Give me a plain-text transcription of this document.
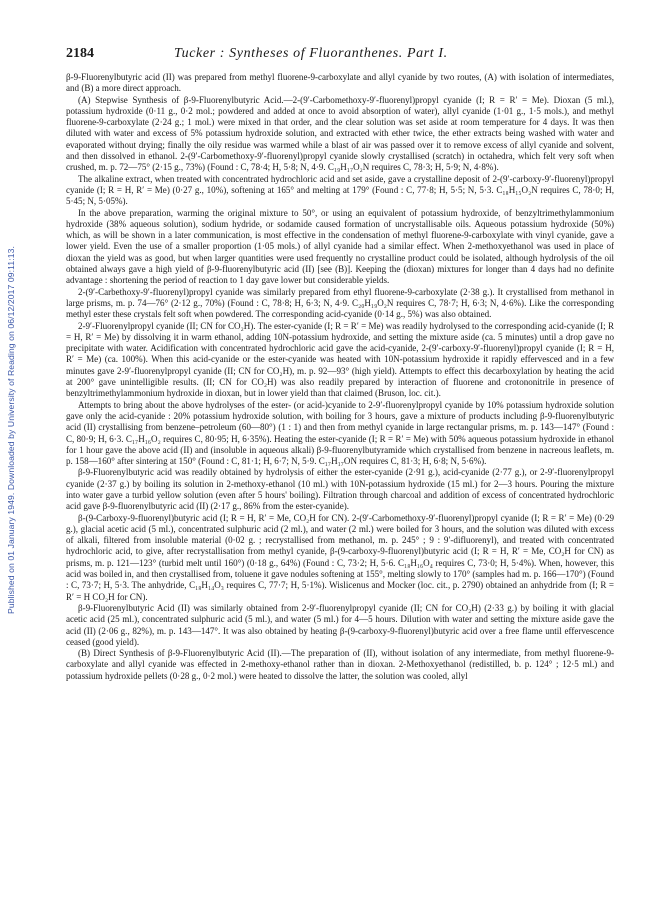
Published on 01 January 1949. Downloaded by University of Reading on 06/12/2017 09:11:13.
2184	Tucker : Syntheses of Fluoranthenes. Part I.

β-9-Fluorenylbutyric acid (II) was prepared from methyl fluorene-9-carboxylate and allyl cyanide by two routes, (A) with isolation of intermediates, and (B) a more direct approach.

(A) Stepwise Synthesis of β-9-Fluorenylbutyric Acid.—2-(9′-Carbomethoxy-9′-fluorenyl)propyl cyanide (I; R = R′ = Me). Dioxan (5 ml.), potassium hydroxide (0·11 g., 0·2 mol.; powdered and added at once to avoid absorption of water), allyl cyanide (1·01 g., 1·5 mols.), and methyl fluorene-9-carboxylate (2·24 g.; 1 mol.) were mixed in that order, and the clear solution was set aside at room temperature for 4 days. It was then diluted with water and excess of 5% potassium hydroxide solution, and extracted with ether twice, the ether extracts being washed with water and evaporated without drying; finally the oily residue was warmed while a blast of air was passed over it to remove excess of allyl cyanide and solvent, and then dissolved in ethanol. 2-(9′-Carbomethoxy-9′-fluorenyl)propyl cyanide slowly crystallised (scratch) in octahedra, which felt very soft when crushed, m. p. 72—75° (2·15 g., 73%) (Found : C, 78·4; H, 5·8; N, 4·9. C₁₉H₁₇O₂N requires C, 78·3; H, 5·9; N, 4·8%).

The alkaline extract, when treated with concentrated hydrochloric acid and set aside, gave a crystalline deposit of 2-(9′-carboxy-9′-fluorenyl)propyl cyanide (I; R = H, R′ = Me) (0·27 g., 10%), softening at 165° and melting at 179° (Found : C, 77·8; H, 5·5; N, 5·3. C₁₈H₁₅O₂N requires C, 78·0; H, 5·45; N, 5·05%).

In the above preparation, warming the original mixture to 50°, or using an equivalent of potassium hydroxide, of benzyltrimethylammonium hydroxide (38% aqueous solution), sodium hydride, or sodamide caused formation of uncrystallisable oils. Aqueous potassium hydroxide (50%) which, as will be shown in a later communication, is most effective in the condensation of methyl fluorene-9-carboxylate with vinyl cyanide, gave a lower yield. Even the use of a smaller proportion (1·05 mols.) of allyl cyanide had a similar effect. When 2-methoxyethanol was used in place of dioxan the yield was as good, but when larger quantities were used frequently no crystalline product could be isolated, although hydrolysis of the oil obtained always gave a high yield of β-9-fluorenylbutyric acid (II) [see (B)]. Keeping the (dioxan) mixtures for longer than 4 days had no definite advantage : shortening the period of reaction to 1 day gave lower but considerable yields.

2-(9′-Carbethoxy-9′-fluorenyl)propyl cyanide was similarly prepared from ethyl fluorene-9-carboxylate (2·38 g.). It crystallised from methanol in large prisms, m. p. 74—76° (2·12 g., 70%) (Found : C, 78·8; H, 6·3; N, 4·9. C₂₀H₁₉O₂N requires C, 78·7; H, 6·3; N, 4·6%). Like the corresponding methyl ester these crystals felt soft when powdered. The corresponding acid-cyanide (0·14 g., 5%) was also obtained.

2-9′-Fluorenylpropyl cyanide (II; CN for CO₂H). The ester-cyanide (I; R = R′ = Me) was readily hydrolysed to the corresponding acid-cyanide (I; R = H, R′ = Me) by dissolving it in warm ethanol, adding 10N-potassium hydroxide, and setting the mixture aside (ca. 5 minutes) until a drop gave no precipitate with water. Acidification with concentrated hydrochloric acid gave the acid-cyanide, 2-(9′-carboxy-9′-fluorenyl)propyl cyanide (I; R = H, R′ = Me) (ca. 100%). When this acid-cyanide or the ester-cyanide was heated with 10N-potassium hydroxide it rapidly effervesced and in a few minutes gave 2-9′-fluorenylpropyl cyanide (II; CN for CO₂H), m. p. 92—93° (high yield). Attempts to effect this decarboxylation by heating the acid at 200° gave unintelligible results. (II; CN for CO₂H) was also readily prepared by interaction of fluorene and crotononitrile in presence of benzyltrimethylammonium hydroxide in dioxan, but in lower yield than that claimed (Bruson, loc. cit.).

Attempts to bring about the above hydrolyses of the ester- (or acid-)cyanide to 2-9′-fluorenylpropyl cyanide by 10% potassium hydroxide solution gave only the acid-cyanide : 20% potassium hydroxide solution, with boiling for 3 hours, gave a mixture of products including β-9-fluorenylbutyric acid (II) crystallising from benzene–petroleum (60—80°) (1 : 1) and then from methyl cyanide in large rectangular prisms, m. p. 143—147° (Found : C, 80·9; H, 6·3. C₁₇H₁₆O₂ requires C, 80·95; H, 6·35%). Heating the ester-cyanide (I; R = R′ = Me) with 50% aqueous potassium hydroxide in ethanol for 1 hour gave the above acid (II) and (insoluble in aqueous alkali) β-9-fluorenylbutyramide which crystallised from benzene in nacreous leaflets, m. p. 158—160° after sintering at 150° (Found : C, 81·1; H, 6·7; N, 5·9. C₁₇H₁₇ON requires C, 81·3; H, 6·8; N, 5·6%).

β-9-Fluorenylbutyric acid was readily obtained by hydrolysis of either the ester-cyanide (2·91 g.), acid-cyanide (2·77 g.), or 2-9′-fluorenylpropyl cyanide (2·37 g.) by boiling its solution in 2-methoxy-ethanol (10 ml.) with 10N-potassium hydroxide (15 ml.) for 2—3 hours. Pouring the mixture into water gave a turbid yellow solution (even after 5 hours' boiling). Filtration through charcoal and addition of excess of concentrated hydrochloric acid gave β-9-fluorenylbutyric acid (II) (2·17 g., 86% from the ester-cyanide).

β-(9-Carboxy-9-fluorenyl)butyric acid (I; R = H, R′ = Me, CO₂H for CN). 2-(9′-Carbomethoxy-9′-fluorenyl)propyl cyanide (I; R = R′ = Me) (0·29 g.), glacial acetic acid (5 ml.), concentrated sulphuric acid (2 ml.), and water (2 ml.) were boiled for 3 hours, and the solution was diluted with excess of alkali, filtered from insoluble material (0·02 g. ; recrystallised from methanol, m. p. 245° ; 9 : 9′-difluorenyl), and treated with concentrated hydrochloric acid, to give, after recrystallisation from methyl cyanide, β-(9-carboxy-9-fluorenyl)butyric acid (I; R = H, R′ = Me, CO₂H for CN) as prisms, m. p. 121—123° (turbid melt until 160°) (0·18 g., 64%) (Found : C, 73·2; H, 5·6. C₁₈H₁₆O₄ requires C, 73·0; H, 5·4%). When, however, this acid was boiled in, and then crystallised from, toluene it gave nodules softening at 155°, melting slowly to 170° (samples had m. p. 166—170°) (Found : C, 73·7; H, 5·3. The anhydride, C₁₈H₁₄O₃ requires C, 77·7; H, 5·1%). Wislicenus and Mocker (loc. cit., p. 2790) obtained an anhydride from (I; R = R′ = H CO₂H for CN).

β-9-Fluorenylbutyric Acid (II) was similarly obtained from 2-9′-fluorenylpropyl cyanide (II; CN for CO₂H) (2·33 g.) by boiling it with glacial acetic acid (25 ml.), concentrated sulphuric acid (5 ml.), and water (5 ml.) for 4—5 hours. Dilution with water and setting the mixture aside gave the acid (II) (2·06 g., 82%), m. p. 143—147°. It was also obtained by heating β-(9-carboxy-9-fluorenyl)butyric acid over a free flame until effervescence ceased (good yield).

(B) Direct Synthesis of β-9-Fluorenylbutyric Acid (II).—The preparation of (II), without isolation of any intermediate, from methyl fluorene-9-carboxylate and allyl cyanide was effected in 2-methoxy-ethanol rather than in dioxan. 2-Methoxyethanol (redistilled, b. p. 124° ; 12·5 ml.) and potassium hydroxide pellets (0·28 g., 0·2 mol.) were heated to dissolve the latter, the solution was cooled, allyl
